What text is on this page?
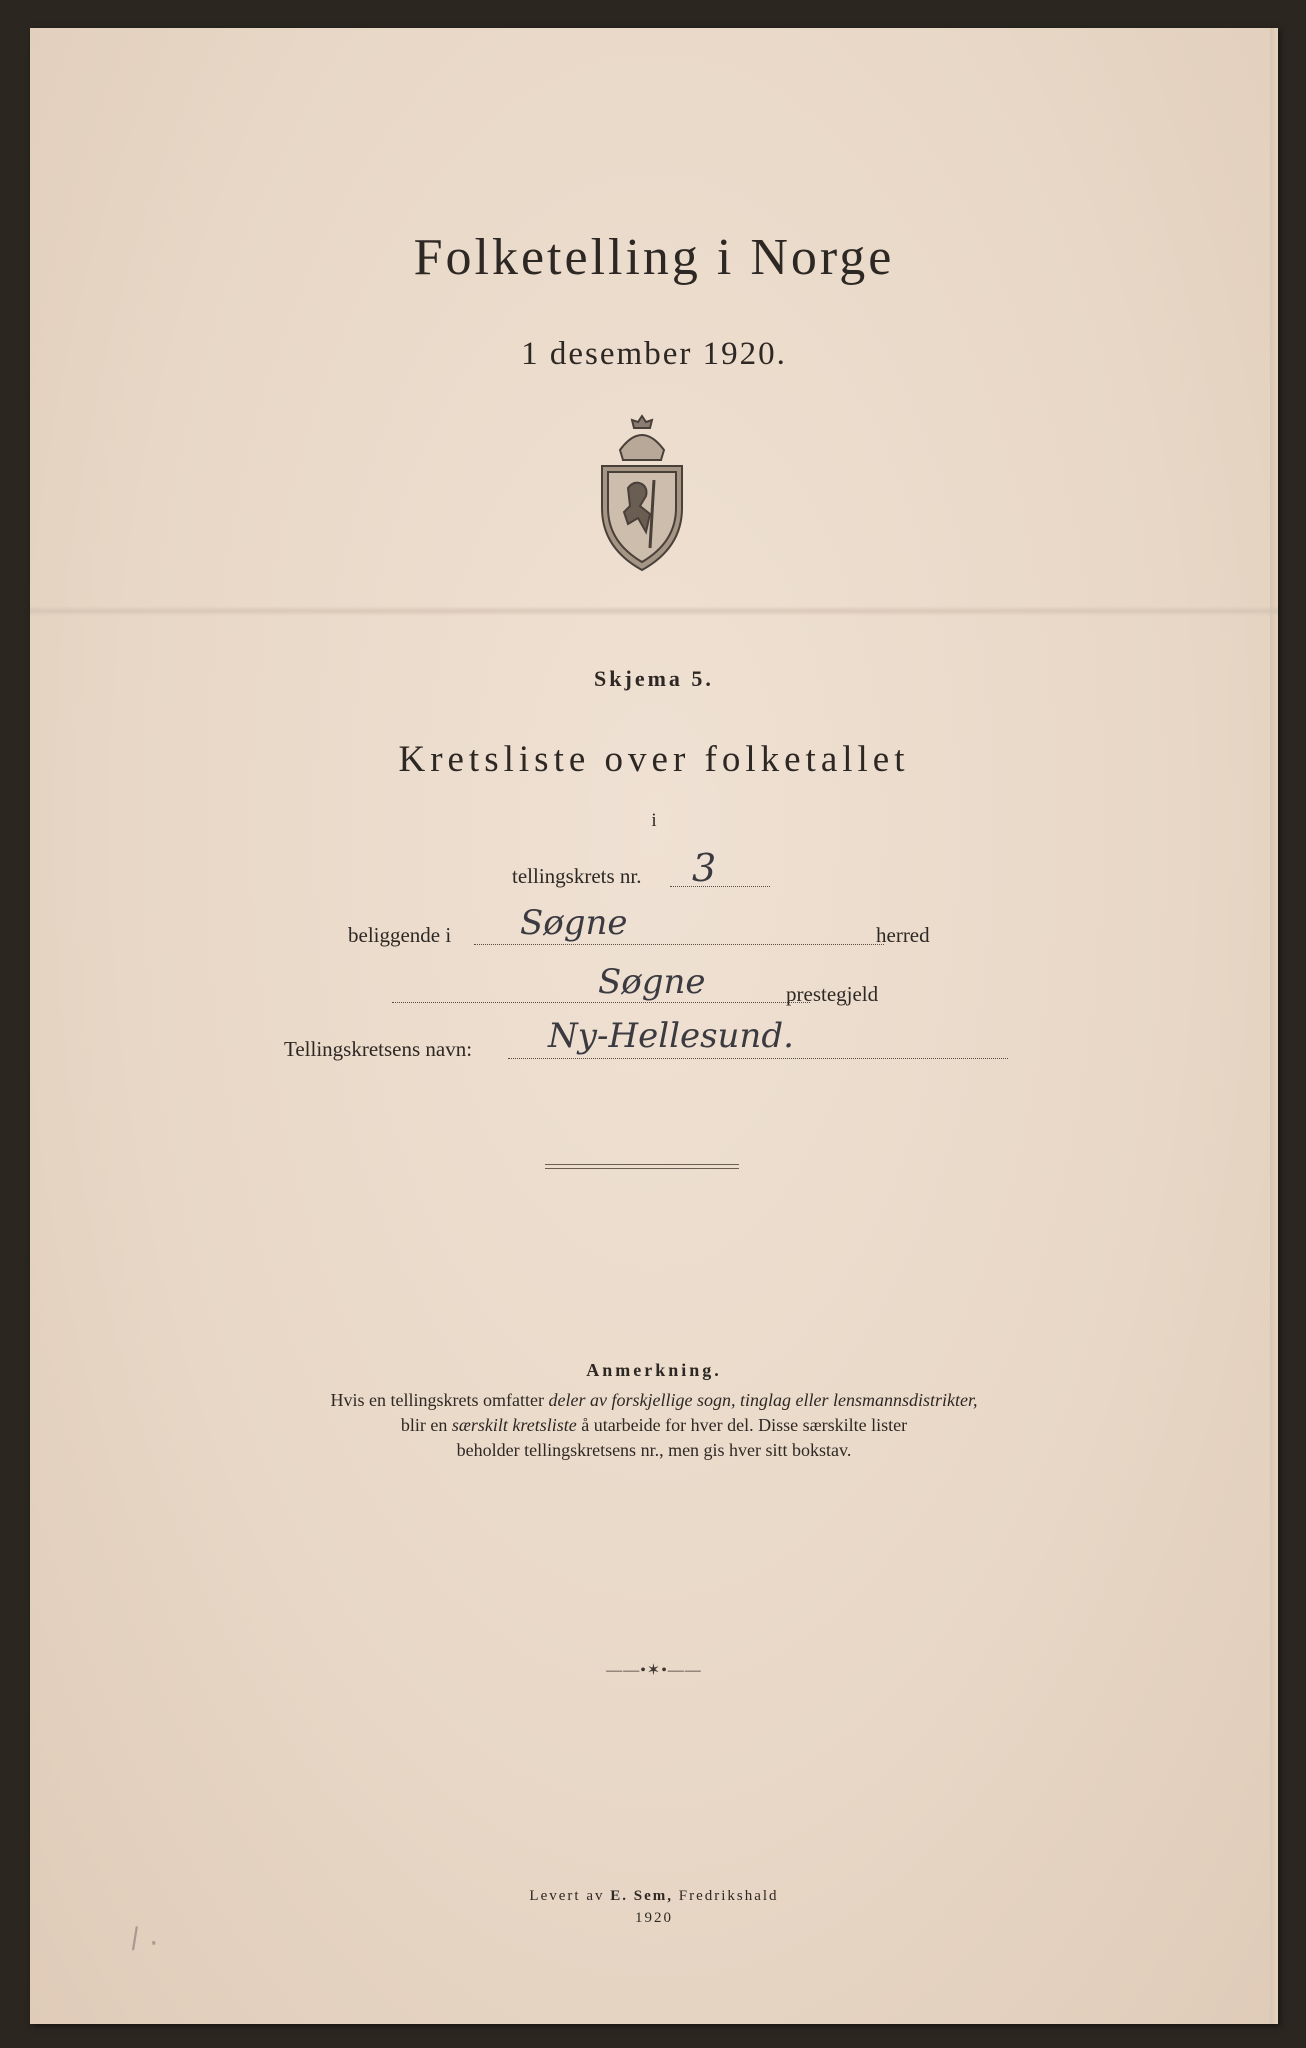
Folketelling i Norge
1 desember 1920.
Skjema 5.
Kretsliste over folketallet
i
tellingskrets nr. 3
beliggende i Søgne	herred
Søgne	prestegjeld
Tellingskretsens navn: Ny-Hellesund.
Anmerkning.
Hvis en tellingskrets omfatter deler av forskjellige sogn, tinglag eller lensmannsdistrikter,
blir en særskilt kretsliste å utarbeide for hver del. Disse særskilte lister
beholder tellingskretsens nr., men gis hver sitt bokstav.
——•✶•——
Levert av E. Sem, Fredrikshald
1920
/ .
